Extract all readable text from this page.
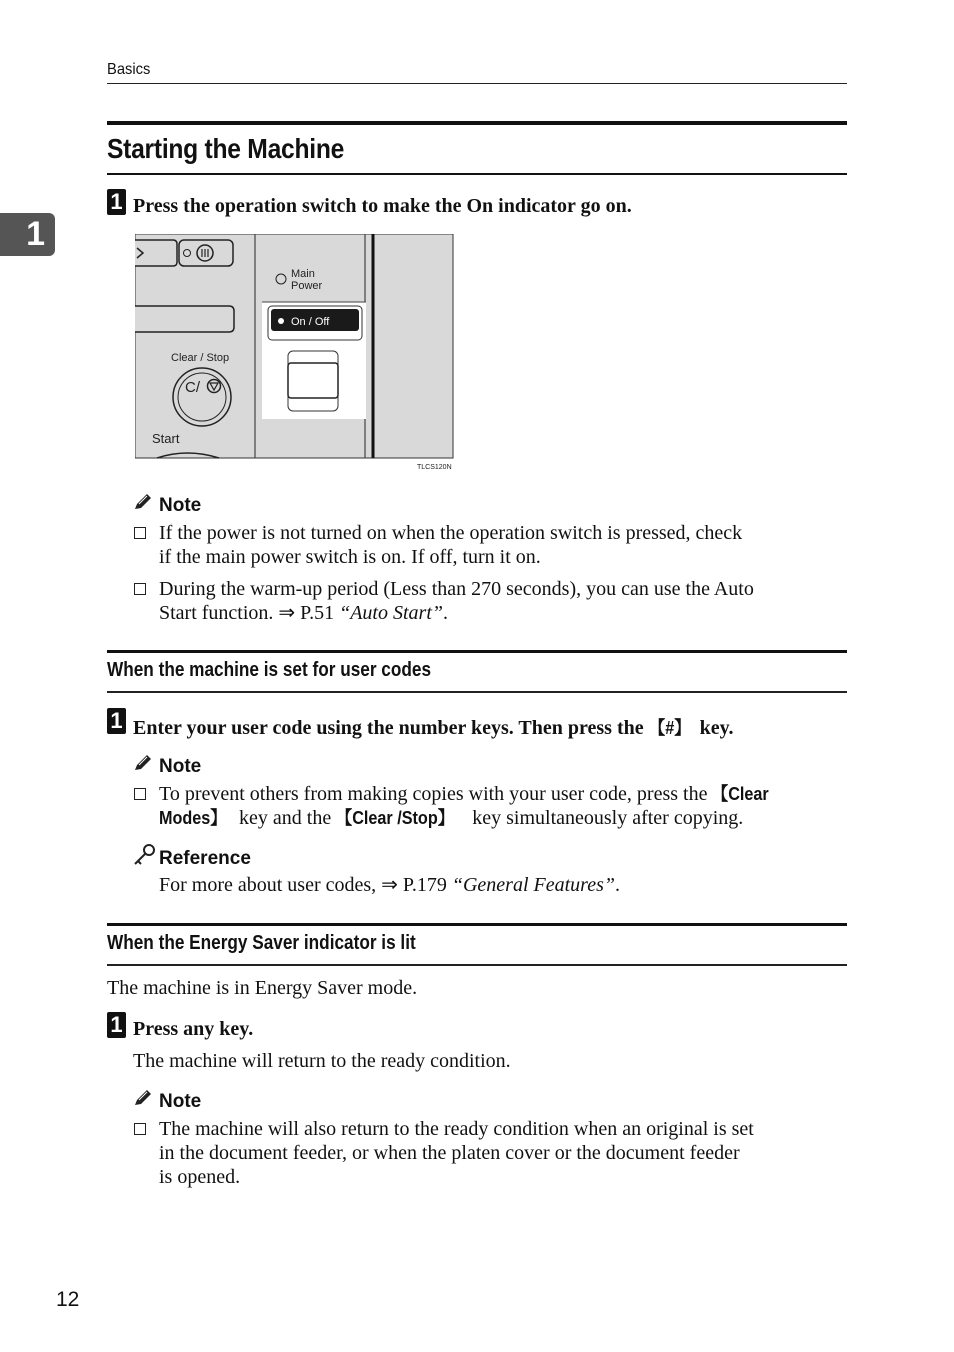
Basics
1
Starting the Machine
1 Press the operation switch to make the On indicator go on.
Clear / Stop
C/
Start
Main
Power
On / Off
TLCS120N
Note
If the power is not turned on when the operation switch is pressed, check
if the main power switch is on. If off, turn it on.
During the warm-up period (Less than 270 seconds), you can use the Auto
Start function. ⇒ P.51 “Auto Start”.
When the machine is set for user codes
1 Enter your user code using the number keys. Then press the 【#】 key.
Note
To prevent others from making copies with your user code, press the 【Clear
Modes】 key and the 【Clear /Stop】 key simultaneously after copying.
Reference
For more about user codes, ⇒ P.179 “General Features”.
When the Energy Saver indicator is lit
The machine is in Energy Saver mode.
1 Press any key.
The machine will return to the ready condition.
Note
The machine will also return to the ready condition when an original is set
in the document feeder, or when the platen cover or the document feeder
is opened.
12
